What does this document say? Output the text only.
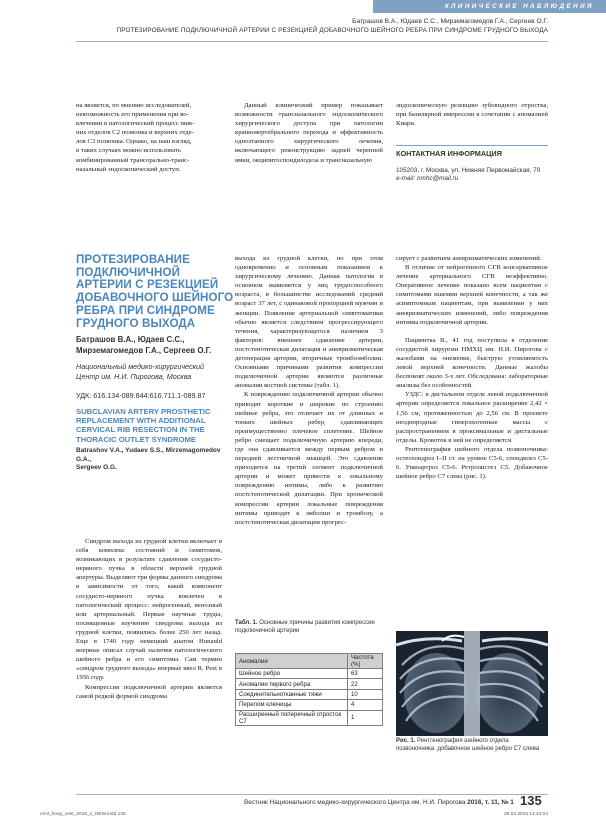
КЛИНИЧЕСКИЕ НАБЛЮДЕНИЯ
Батрашов В.А., Юдаев С.С., Мирземагомедов Г.А., Сергеев О.Г.
ПРОТЕЗИРОВАНИЕ ПОДКЛЮЧИЧНОЙ АРТЕРИИ С РЕЗЕКЦИЕЙ ДОБАВОЧНОГО ШЕЙНОГО РЕБРА ПРИ СИНДРОМЕ ГРУДНОГО ВЫХОДА

на является, по мнению исследователей, невозможность его применения при во-

влечении в патологический процесс ниж-

них отделов С2 позвонка и верхних отде-

лов С3 позвонка. Однако, на наш взгляд,

в таких случаях можно использовать

комбинированный трансорально-транс-

назальный эндоскопический доступ.

Данный клинический пример показывает возможности трансназального эндоскопического хирургического доступа при патологии краниовертебрального перехода и эффективность одноэтапного хирургического лечения, включающего реконструкцию задней черепной ямки, окципитоспондилодеза и трансназальную

эндоскопическую резекцию зубовидного отростка, при базилярной импрессии в сочетании с аномалией Киари.

КОНТАКТНАЯ ИНФОРМАЦИЯ
105203, г. Москва, ул. Нижняя Первомайская, 70
e-mail: nmhc@mail.ru
ПРОТЕЗИРОВАНИЕ
ПОДКЛЮЧИЧНОЙ
АРТЕРИИ С РЕЗЕКЦИЕЙ
ДОБАВОЧНОГО ШЕЙНОГО
РЕБРА ПРИ СИНДРОМЕ
ГРУДНОГО ВЫХОДА
Батрашов В.А., Юдаев С.С.,
Мирземагомедов Г.А., Сергеев О.Г.
Национальный медико-хирургический
Центр им. Н.И. Пирогова, Москва
УДК: 616.134-089.844:616.711.1-089.87
SUBCLAVIAN ARTERY PROSTHETIC
REPLACEMENT WITH ADDITIONAL
CERVICAL RIB RESECTION IN THE
THORACIC OUTLET SYNDROME
Batrashov V.A., Yudaev S.S., Mirzemagomedov G.A.,
Sergeev O.G.

Синдром выхода из грудной клетки включает в себя комплекс состояний и симптомов, возникающих в результате сдавления сосудисто-нервного пучка в области верхней грудной апертуры. Выделяют три формы данного синдрома в зависимости от того, какой компонент сосудисто-нервного пучка вовлечен в патологический процесс: нейрогенный, венозный или артериальный. Первые научные труды, посвященные изучению синдрома выхода из грудной клетки, появились более 250 лет назад. Еще в 1740 году немецкий анатом Hunauld впервые описал случай наличия патологического шейного ребра и его симптомы. Сам термин «синдром грудного выхода» впервые ввел R. Peet в 1956 году.

Компрессия подключичной артерии является самой редкой формой синдрома

выхода из грудной клетки, но при этом одновременно и основным показанием к хирургическому лечению. Данная патология в основном выявляется у лиц трудоспособного возраста, в большинстве исследований средний возраст 37 лет, с одинаковой пропорцией мужчин и женщин. Появление артериальной симптоматики обычно является следствием прогрессирующего течения, характеризующегося наличием 3 факторов: внешнее сдавление артерии, постстенотическая дилатация и аневризматическая дегенерация артерии, вторичные тромбоэмболии. Основными причинами развития компрессии подключичной артерии являются различные аномалии костной системы (табл. 1).

К повреждению подключичной артерии обычно приводят короткие и широкие по строению шейные ребра, это отличает их от длинных и тонких шейных ребер, сдавливающих преимущественно плечевое сплетение. Шейное ребро смещает подключичную артерию кпереди, где она сдавливается между первым ребром и передней лестничной мышцей. Это сдавление приходится на третий сегмент подключичной артерии и может привести к локальному повреждению интимы, либо к развитию постстенотической дилатации. При хронической компрессии артерии локальные повреждения интимы приводят к эмболии и тромбозу, а постстенотическая дилатация прогрес-

сирует с развитием аневризматических изменений.

В отличие от нейрогенного СГВ консервативное лечение артериального СГВ неэффективно. Оперативное лечение показано всем пациентам с симптомами ишемии верхней конечности, а так же асимптомным пациентам, при выявлении у них аневризматических изменений, либо повреждения интимы подключичной артерии.

Пациентка В., 41 год поступила в отделение сосудистой хирургии НМХЦ им. Н.И. Пирогова с жалобами на онемение, быструю утомляемость левой верхней конечности. Данные жалобы беспокоят около 3-х лет. Обследована: лабораторные анализы без особенностей.

УЗДС: в дистальном отделе левой подключичной артерии определяется локальное расширение 2,42 × 1,56 см, протяженностью до 2,56 см. В просвете неоднородные гиперэхогенные массы с распространением в проксимальные и дистальные отделы. Кровоток в ней не определяется.

Рентгенография шейного отдела позвоночника: остеохондроз I–II ст. на уровне С5-6, спондилез С5-6. Ункоартроз С5-6. Ретролистез С5. Добавочное шейное ребро С7 слева (рис. 1).

Табл. 1. Основные причины развития компрессии подключичной артерии
Аномалии	Частота (%)
Шейное ребро	63
Аномалии первого ребра	22
Соединительнотканные тяжи	10
Перелом ключицы	4
Расширенный поперечный отросток С7	1
Рис. 1. Рентгенография шейного отдела позвоночника: добавочное шейное ребро С7 слева
Вестник Национального медико-хирургического Центра им. Н.И. Пирогова 2016, т. 11, № 1 135
cent_hosp_vest_2016_1_NEW.indd 135	28.03.2016 14:44:04
